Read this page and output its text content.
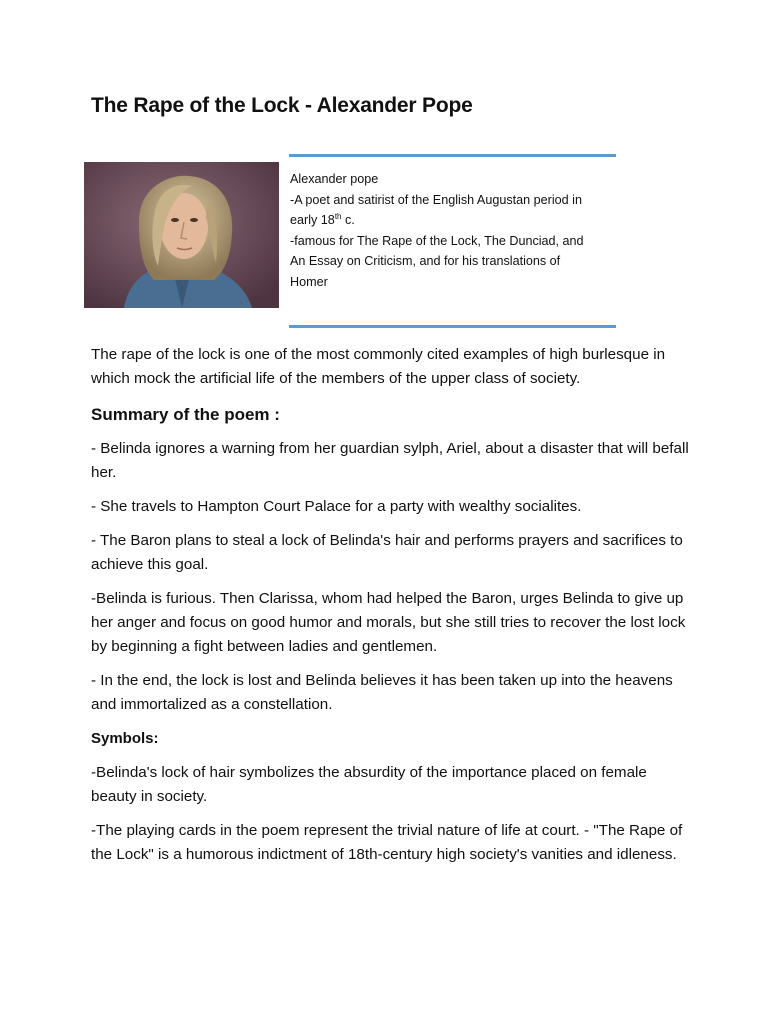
The Rape of the Lock - Alexander Pope
Alexander pope
-A poet and satirist of the English Augustan period in
early 18th c.
-famous for The Rape of the Lock, The Dunciad, and
An Essay on Criticism, and for his translations of
Homer

The rape of the lock is one of the most commonly cited examples of high burlesque in which mock the artificial life of the members of the upper class of society.

Summary of the poem :

- Belinda ignores a warning from her guardian sylph, Ariel, about a disaster that will befall her.

- She travels to Hampton Court Palace for a party with wealthy socialites.

- The Baron plans to steal a lock of Belinda's hair and performs prayers and sacrifices to achieve this goal.

-Belinda is furious. Then Clarissa, whom had helped the Baron, urges Belinda to give up her anger and focus on good humor and morals, but she still tries to recover the lost lock by beginning a fight between ladies and gentlemen.

- In the end, the lock is lost and Belinda believes it has been taken up into the heavens and immortalized as a constellation.

Symbols:

-Belinda's lock of hair symbolizes the absurdity of the importance placed on female beauty in society.

-The playing cards in the poem represent the trivial nature of life at court. - "The Rape of the Lock" is a humorous indictment of 18th-century high society's vanities and idleness.
